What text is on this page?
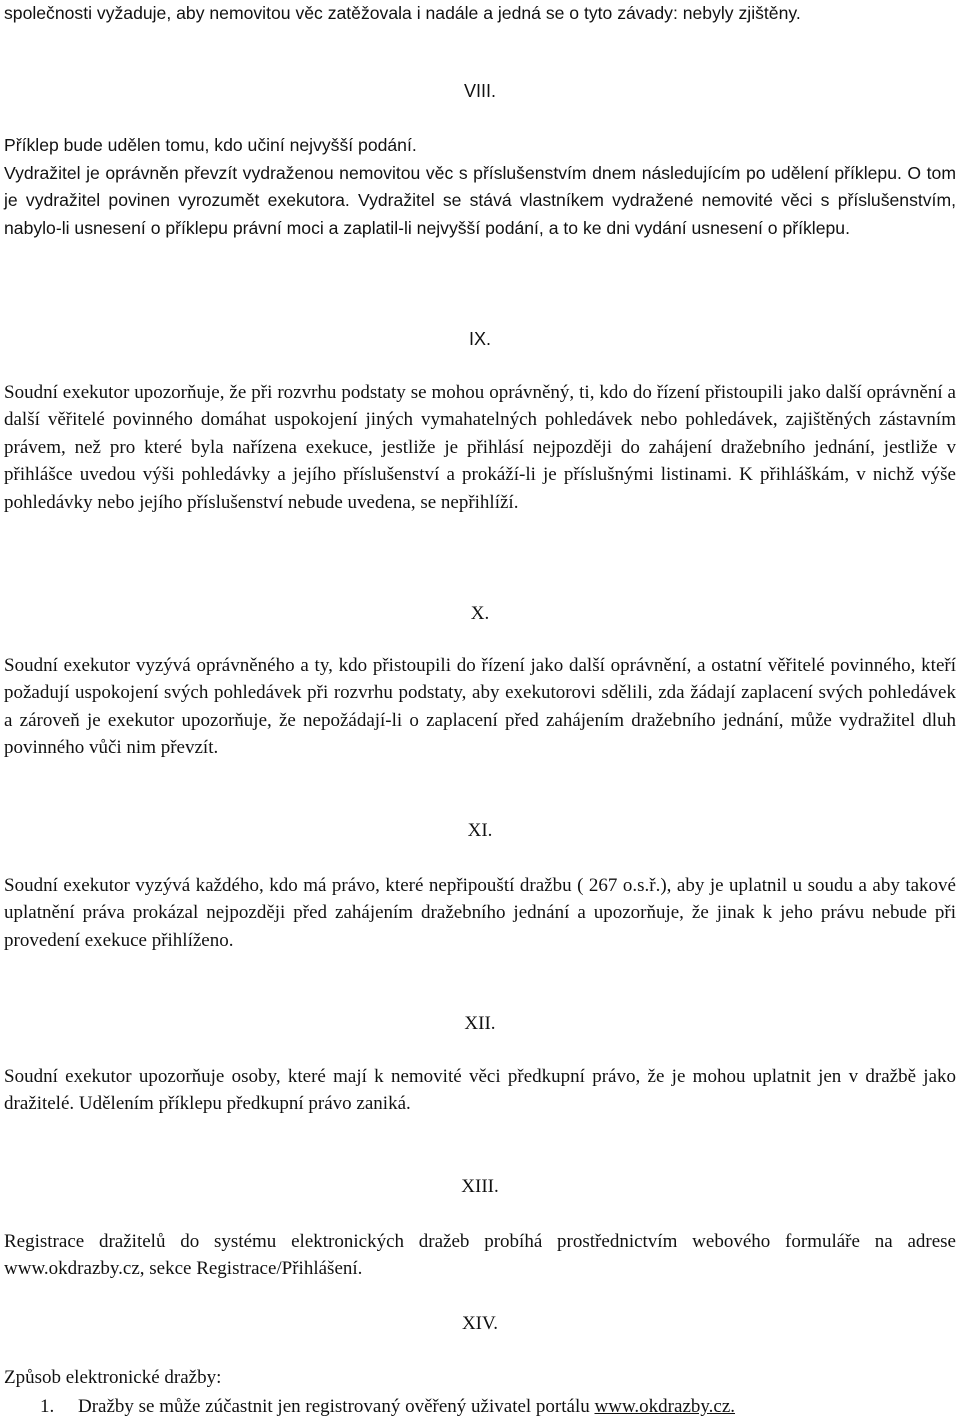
společnosti vyžaduje, aby nemovitou věc zatěžovala i nadále a jedná se o tyto závady: nebyly zjištěny.

VIII.

Příklep bude udělen tomu, kdo učiní nejvyšší podání.

Vydražitel je oprávněn převzít vydraženou nemovitou věc s příslušenstvím dnem následujícím po udělení příklepu. O tom je vydražitel povinen vyrozumět exekutora. Vydražitel se stává vlastníkem vydražené nemovité věci s příslušenstvím, nabylo-li usnesení o příklepu právní moci a zaplatil-li nejvyšší podání, a to ke dni vydání usnesení o příklepu.

IX.

Soudní exekutor upozorňuje, že při rozvrhu podstaty se mohou oprávněný, ti, kdo do řízení přistoupili jako další oprávnění a další věřitelé povinného domáhat uspokojení jiných vymahatelných pohledávek nebo pohledávek, zajištěných zástavním právem, než pro které byla nařízena exekuce, jestliže je přihlásí nejpozději do zahájení dražebního jednání, jestliže v přihlášce uvedou výši pohledávky a jejího příslušenství a prokáží-li je příslušnými listinami. K přihláškám, v nichž výše pohledávky nebo jejího příslušenství nebude uvedena, se nepřihlíží.

X.

Soudní exekutor vyzývá oprávněného a ty, kdo přistoupili do řízení jako další oprávnění, a ostatní věřitelé povinného, kteří požadují uspokojení svých pohledávek při rozvrhu podstaty, aby exekutorovi sdělili, zda žádají zaplacení svých pohledávek a zároveň je exekutor upozorňuje, že nepožádají-li o zaplacení před zahájením dražebního jednání, může vydražitel dluh povinného vůči nim převzít.

XI.

Soudní exekutor vyzývá každého, kdo má právo, které nepřipouští dražbu ( 267 o.s.ř.), aby je uplatnil u soudu a aby takové uplatnění práva prokázal nejpozději před zahájením dražebního jednání a upozorňuje, že jinak k jeho právu nebude při provedení exekuce přihlíženo.

XII.

Soudní exekutor upozorňuje osoby, které mají k nemovité věci předkupní právo, že je mohou uplatnit jen v dražbě jako dražitelé. Udělením příklepu předkupní právo zaniká.

XIII.

Registrace dražitelů do systému elektronických dražeb probíhá prostřednictvím webového formuláře na adrese www.okdrazby.cz, sekce Registrace/Přihlášení.

XIV.

Způsob elektronické dražby:

1. Dražby se může zúčastnit jen registrovaný ověřený uživatel portálu www.okdrazby.cz.
